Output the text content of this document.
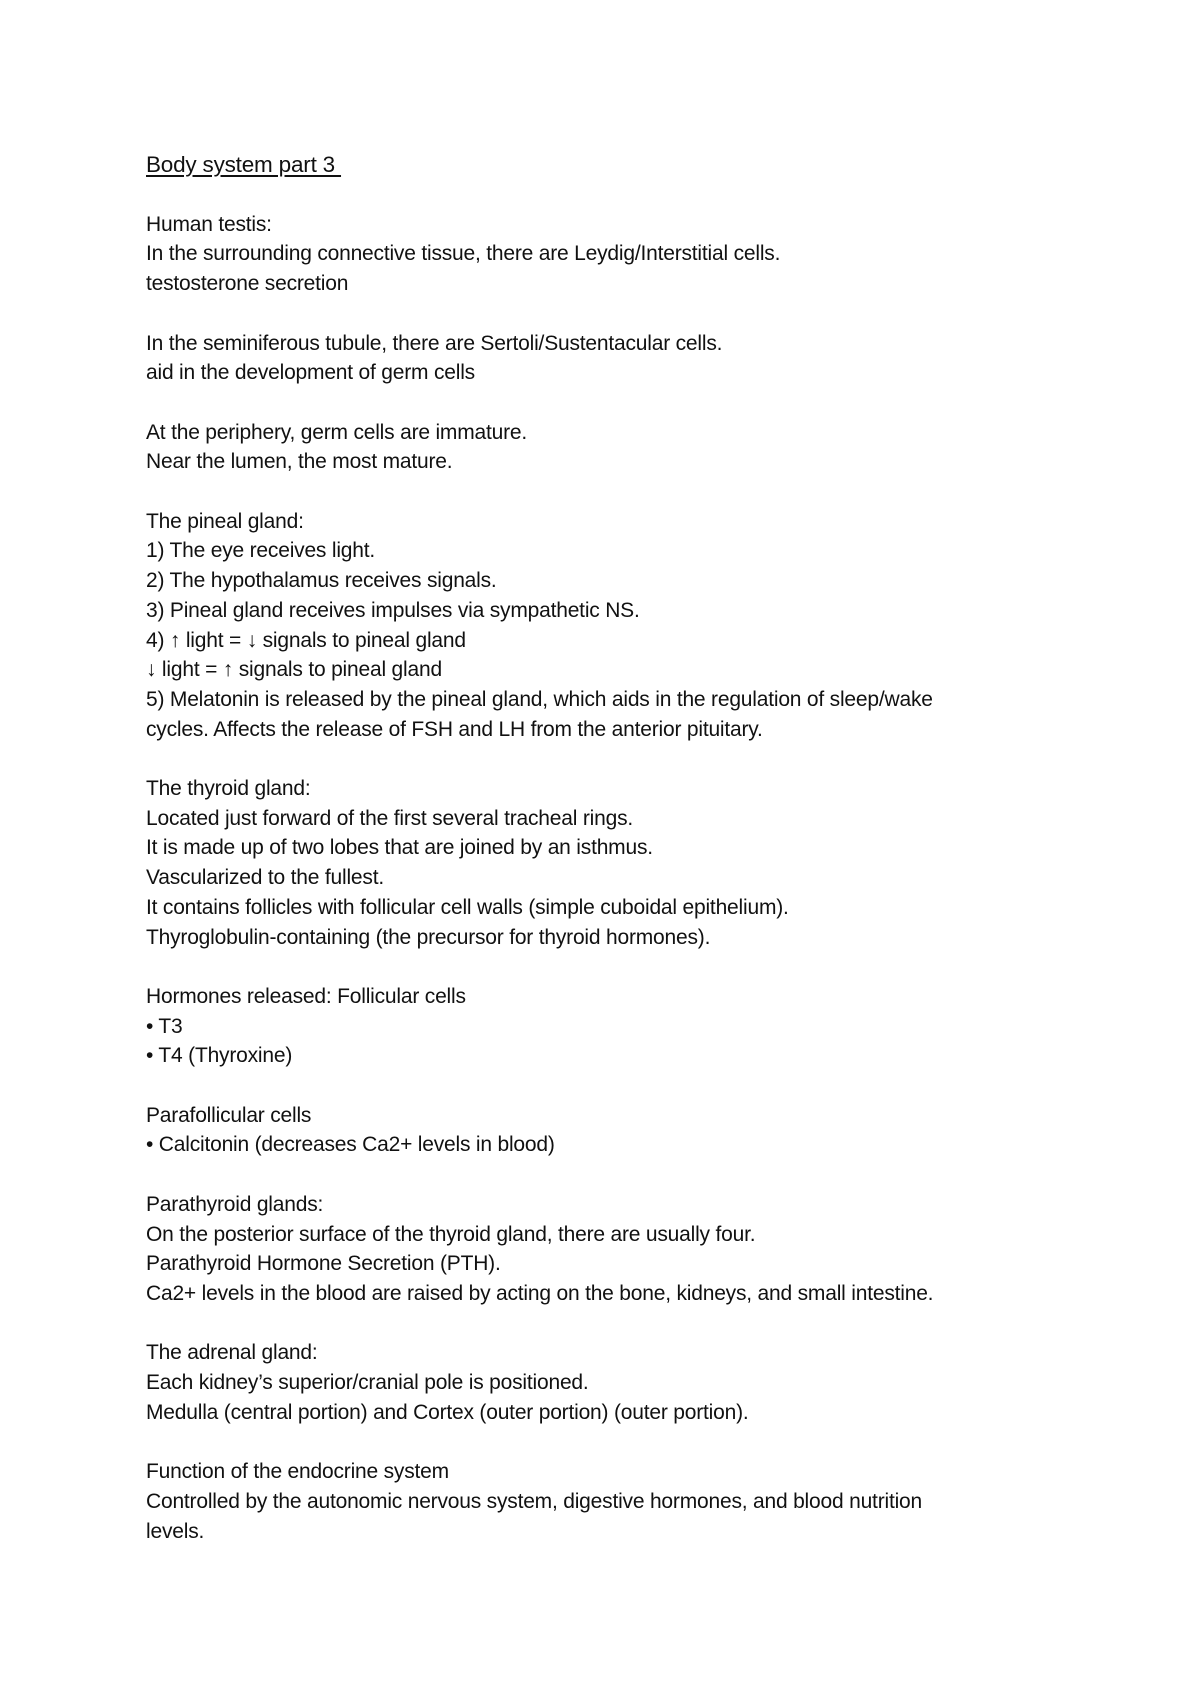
Body system part 3
Human testis:
In the surrounding connective tissue, there are Leydig/Interstitial cells.
testosterone secretion
In the seminiferous tubule, there are Sertoli/Sustentacular cells.
aid in the development of germ cells
At the periphery, germ cells are immature.
Near the lumen, the most mature.
The pineal gland:
1) The eye receives light.
2) The hypothalamus receives signals.
3) Pineal gland receives impulses via sympathetic NS.
4) ↑ light = ↓ signals to pineal gland
↓ light = ↑ signals to pineal gland
5) Melatonin is released by the pineal gland, which aids in the regulation of sleep/wake
cycles. Affects the release of FSH and LH from the anterior pituitary.
The thyroid gland:
Located just forward of the first several tracheal rings.
It is made up of two lobes that are joined by an isthmus.
Vascularized to the fullest.
It contains follicles with follicular cell walls (simple cuboidal epithelium).
Thyroglobulin-containing (the precursor for thyroid hormones).
Hormones released: Follicular cells
• T3
• T4 (Thyroxine)
Parafollicular cells
• Calcitonin (decreases Ca2+ levels in blood)
Parathyroid glands:
On the posterior surface of the thyroid gland, there are usually four.
Parathyroid Hormone Secretion (PTH).
Ca2+ levels in the blood are raised by acting on the bone, kidneys, and small intestine.
The adrenal gland:
Each kidney’s superior/cranial pole is positioned.
Medulla (central portion) and Cortex (outer portion) (outer portion).
Function of the endocrine system
Controlled by the autonomic nervous system, digestive hormones, and blood nutrition
levels.
